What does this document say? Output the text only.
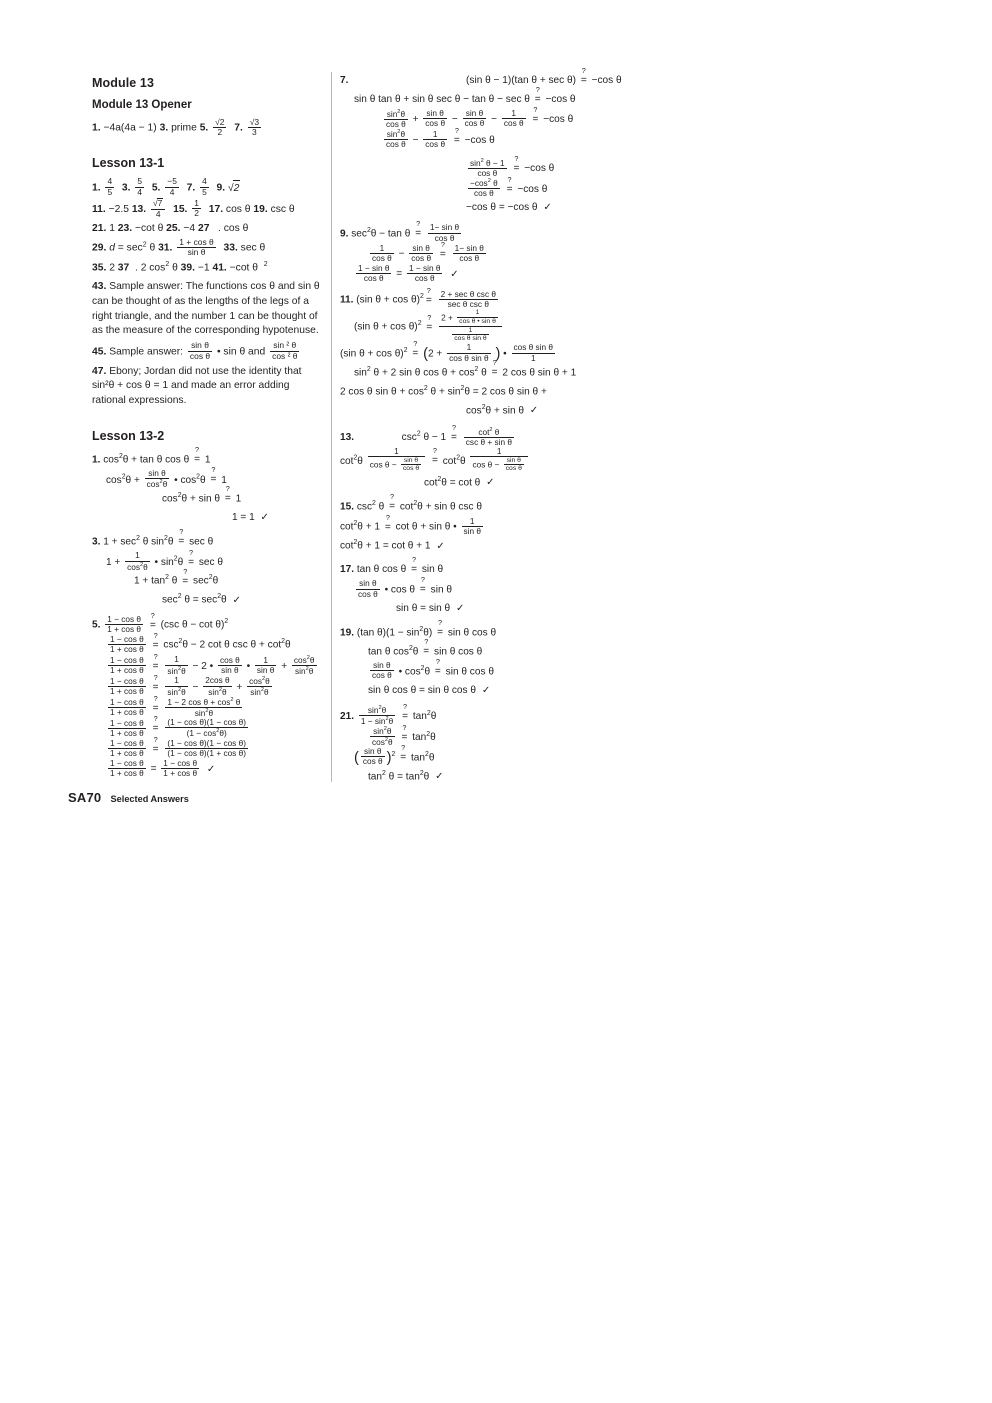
Module 13
Module 13 Opener
1. −4a(4a − 1) 3. prime 5. $\frac{√2}{2} 7$. $\frac{√3}{3}$
Lesson 13-1
1. $\frac{4}{5} 3$. $\frac{5}{4} 5$. $\frac{-5}{4} 7$. $\frac{4}{5} 9$. √2
11. −2.5 13. $\frac{√7}{4} 15$. $\frac{1}{2} 17$. cos θ 19. csc θ
21. 1 23. −cot θ 25. −4 27   . cos θ
29. $d = \sec^2 \theta$ 31. $\frac{\text{1 + cos θ}}{\text{sin θ}} 33$. sec θ
35. 2 37  . 2 $\cos^2 \theta$ 39. −1 41. −cot θ  $^2$
43. Sample answer: The functions cos θ and sin θ can be thought of as the lengths of the legs of a right triangle, and the number 1 can be thought of as the measure of the corresponding hypotenuse.
45. Sample answer: $\frac{\text{sin θ}}{\text{cos θ}}$ • sin θ and $\frac{\text{sin ² θ}}{\text{cos ² θ}}$
47. Ebony; Jordan did not use the identity that sin²θ + cos θ = 1 and made an error adding rational expressions.
Lesson 13-2
1. $\cos^2\theta + \tan \theta$ cos θ ? = 1
$\cos^2\theta + \frac{\text{sin θ}}{\cos^2\theta}$ • $\cos^2\theta$ ? = 1
$\cos^2\theta + \sin \theta$ ? = 1
1 = 1 ✓
3. $1 + \sec^2 \theta$ $\sin^2\theta$ ? = sec θ
$1 + \frac{1}{\cos^2\theta}$ • $\sin^2\theta$ ? = sec θ
$1 + \tan^2 \theta$ ? = $\sec^2\theta$
$\sec^2 \theta = \sec^2\theta$ ✓
5. $\frac{\text{1 − cos θ}}{\text{1 + cos θ}}$ ? = (csc θ − cot θ)$^2$
$\frac{\text{1 − cos θ}}{\text{1 + cos θ}}$ ? = $\csc^2\theta - 2$ cot θ $\csc \theta + \cot^2\theta$
$\frac{\text{1 − cos θ}}{\text{1 + cos θ}}$ ? = $\frac{1}{\sin^2\theta} - 2$ • $\frac{\text{cos θ}}{\text{sin θ}}$ • $\frac{1}{\text{sin θ}} + \frac{\cos^2\theta}{\sin^2\theta}$
$\frac{\text{1 − cos θ}}{\text{1 + cos θ}}$ ? = $\frac{1}{\sin^2\theta} - \frac{\text{2cos θ}}{\sin^2\theta} + \frac{\cos^2\theta}{\sin^2\theta}$
$\frac{\text{1 − cos θ}}{\text{1 + cos θ}}$ ? = $\frac{1 - 2 \cos \theta + \cos^2 \theta}{\sin^2\theta}$
$\frac{\text{1 − cos θ}}{\text{1 + cos θ}}$ ? = $\frac{\text{(1 − cos θ)(1 − cos θ)}}{(1 - \cos^2\theta)}$
$\frac{\text{1 − cos θ}}{\text{1 + cos θ}}$ ? = $\frac{\text{(1 − cos θ)(1 − cos θ)}}{\text{(1 − cos θ)(1 + cos θ)}}$
$\frac{\text{1 − cos θ}}{\text{1 + cos θ}} = \frac{\text{1 − cos θ}}{\text{1 + cos θ}}$ ✓
7.	(sin θ − 1)(tan θ + sec θ) ? = −cos θ
sin θ tan θ + sin θ sec θ − tan θ − sec θ ? = −cos θ
$\frac{\sin^2\theta}{\text{cos θ}} + \frac{\text{sin θ}}{\text{cos θ}} - \frac{\text{sin θ}}{\text{cos θ}} - \frac{1}{\text{cos θ}}$ ? = −cos θ
$\frac{\sin^2\theta}{\text{cos θ}} - \frac{1}{\text{cos θ}}$ ? = −cos θ
$\frac{\sin^2 \theta - 1}{\text{cos θ}}$ ? = −cos θ
$\frac{-\cos^2 \theta}{\text{cos θ}}$ ? = −cos θ
−cos θ = −cos θ ✓
9. $\sec^2\theta - \tan \theta$ ? = $\frac{\text{1− sin θ}}{\text{cos θ}}$
$\frac{1}{\text{cos θ}} - \frac{\text{sin θ}}{\text{cos θ}}$ ? = $\frac{\text{1− sin θ}}{\text{cos θ}}$
$\frac{\text{1 − sin θ}}{\text{cos θ}} = \frac{\text{1 − sin θ}}{\text{cos θ}}$ ✓
11. (sin θ + cos θ)$^2$ ? = $\frac{\text{2 + sec θ csc θ}}{\text{sec θ csc θ}}$
(sin θ + cos θ)$^2$ ? = $\frac{2 + \frac{1}{\text{cos θ • sin θ}}}{\frac{1}{\text{cos θ sin θ}}}$
(sin θ + cos θ)$^2$ ? = ($2 + \frac{1}{\text{cos θ sin θ}}$ ) • $\frac{\text{cos θ sin θ}}{1}$
$\sin^2 \theta + 2$ sin θ $\cos \theta + \cos^2 \theta$ ? = 2 cos θ sin θ + 1
2 cos θ $\sin \theta + \cos^2 \theta + \sin^2\theta = 2$ cos θ sin θ +
$\cos^2\theta + \sin \theta$ ✓
13.	$\csc^2 \theta - 1$ ? = $\frac{\cot^2 \theta}{\text{csc θ + sin θ}}$
$\cot^2\theta \frac{1}{\cos \theta - \frac{\text{sin θ}}{\text{cos θ}}}$ ? = $\cot^2\theta \frac{1}{\cos \theta - \frac{\text{sin θ}}{\text{cos θ}}}$
$\cot^2\theta = \cot \theta$ ✓
15. $\csc^2 \theta$ ? = $\cot^2\theta + \sin \theta$ csc θ
$\cot^2\theta + 1$ ? = cot θ + sin θ • $\frac{1}{\text{sin θ}}$
$\cot^2\theta + 1 = \cot \theta + 1$ ✓
17. tan θ cos θ ? = sin θ
$\frac{\text{sin θ}}{\text{cos θ}}$ • cos θ ? = sin θ
sin θ = sin θ ✓
19. (tan $\theta)(1 - \sin^2\theta)$ ? = sin θ cos θ
tan θ $\cos^2\theta$ ? = sin θ cos θ
$\frac{\text{sin θ}}{\text{cos θ}}$ • $\cos^2\theta$ ? = sin θ cos θ
sin θ cos θ = sin θ cos θ ✓
21. $\frac{\sin^2\theta}{1 - \sin^2\theta}$ ? = $\tan^2\theta$
$\frac{\sin^2\theta}{\cos^2\theta}$ ? = $\tan^2\theta$
( $\frac{\text{sin θ}}{\text{cos θ}} )^2$ ? = $\tan^2\theta$
$\tan^2 \theta = \tan^2\theta$ ✓
SA70 Selected Answers
